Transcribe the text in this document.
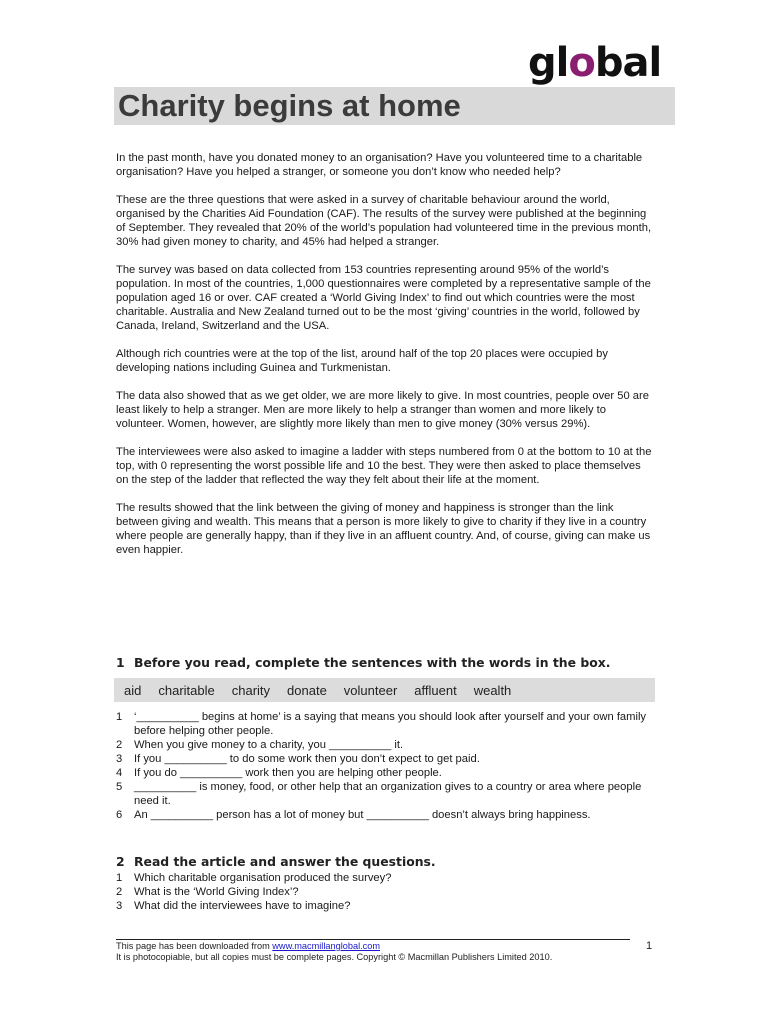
global
Charity begins at home

In the past month, have you donated money to an organisation? Have you volunteered time to a charitable organisation? Have you helped a stranger, or someone you don’t know who needed help?

These are the three questions that were asked in a survey of charitable behaviour around the world, organised by the Charities Aid Foundation (CAF). The results of the survey were published at the beginning of September. They revealed that 20% of the world’s population had volunteered time in the previous month, 30% had given money to charity, and 45% had helped a stranger.

The survey was based on data collected from 153 countries representing around 95% of the world’s population. In most of the countries, 1,000 questionnaires were completed by a representative sample of the population aged 16 or over. CAF created a ‘World Giving Index’ to find out which countries were the most charitable. Australia and New Zealand turned out to be the most ‘giving’ countries in the world, followed by Canada, Ireland, Switzerland and the USA.

Although rich countries were at the top of the list, around half of the top 20 places were occupied by developing nations including Guinea and Turkmenistan.

The data also showed that as we get older, we are more likely to give. In most countries, people over 50 are least likely to help a stranger. Men are more likely to help a stranger than women and more likely to volunteer. Women, however, are slightly more likely than men to give money (30% versus 29%).

The interviewees were also asked to imagine a ladder with steps numbered from 0 at the bottom to 10 at the top, with 0 representing the worst possible life and 10 the best. They were then asked to place themselves on the step of the ladder that reflected the way they felt about their life at the moment.

The results showed that the link between the giving of money and happiness is stronger than the link between giving and wealth. This means that a person is more likely to give to charity if they live in a country where people are generally happy, than if they live in an affluent country. And, of course, giving can make us even happier.

1 Before you read, complete the sentences with the words in the box.
aid charitable charity donate volunteer affluent wealth
1	‘__________ begins at home’ is a saying that means you should look after yourself and your own family before helping other people.
2	When you give money to a charity, you __________ it.
3	If you __________ to do some work then you don’t expect to get paid.
4	If you do __________ work then you are helping other people.
5	__________ is money, food, or other help that an organization gives to a country or area where people need it.
6	An __________ person has a lot of money but __________ doesn’t always bring happiness.
2 Read the article and answer the questions.
1	Which charitable organisation produced the survey?
2	What is the ‘World Giving Index’?
3	What did the interviewees have to imagine?
This page has been downloaded from www.macmillanglobal.com
It is photocopiable, but all copies must be complete pages. Copyright © Macmillan Publishers Limited 2010.
1
